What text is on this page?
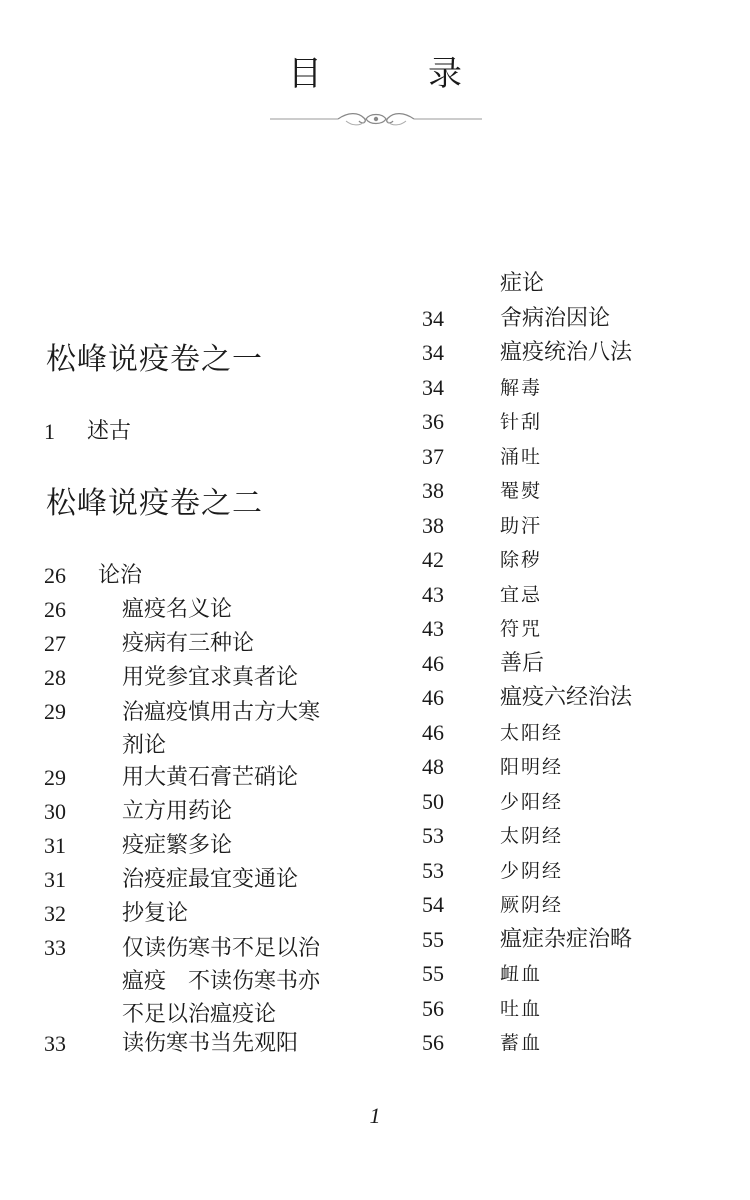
目　录
松峰说疫卷之一
1 述古
松峰说疫卷之二
26 论治
26	瘟疫名义论
27	疫病有三种论
28	用党参宜求真者论
29	治瘟疫慎用古方大寒剂论
29	用大黄石膏芒硝论
30	立方用药论
31	疫症繁多论
31	治疫症最宜变通论
32	抄复论
33	仅读伤寒书不足以治瘟疫　不读伤寒书亦不足以治瘟疫论
33	读伤寒书当先观阳
症论
34	舍病治因论
34	瘟疫统治八法
34	解毒
36	针刮
37	涌吐
38	罨熨
38	助汗
42	除秽
43	宜忌
43	符咒
46	善后
46	瘟疫六经治法
46	太阳经
48	阳明经
50	少阳经
53	太阴经
53	少阴经
54	厥阴经
55	瘟症杂症治略
55	衄血
56	吐血
56	蓄血
1
